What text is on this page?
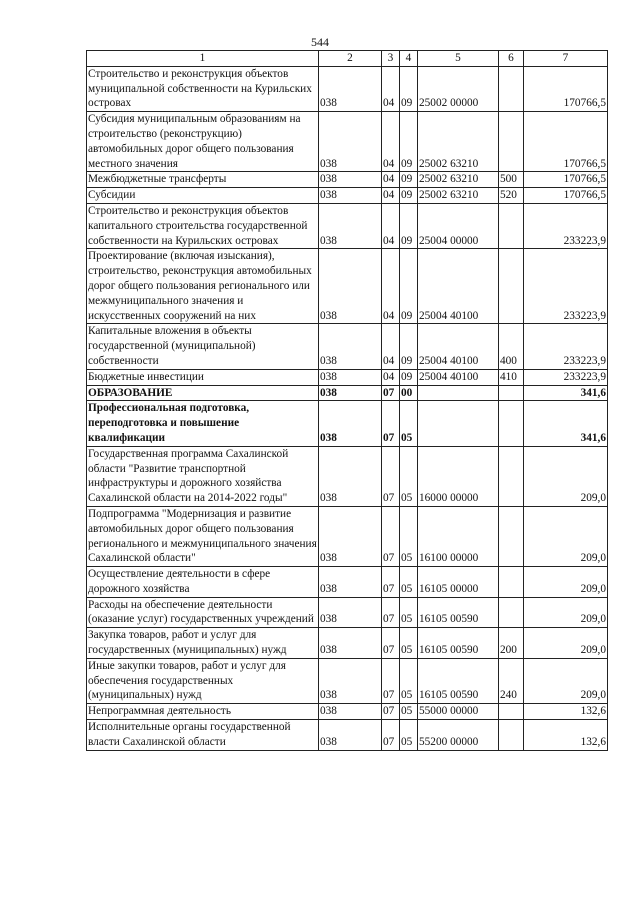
544
1	2	3	4	5	6	7
Строительство и реконструкция объектов муниципальной собственности на Курильских островах	038	04	09	25002 00000		170766,5
Субсидия муниципальным образованиям на строительство (реконструкцию) автомобильных дорог общего пользования местного значения	038	04	09	25002 63210		170766,5
Межбюджетные трансферты	038	04	09	25002 63210	500	170766,5
Субсидии	038	04	09	25002 63210	520	170766,5
Строительство и реконструкция объектов капитального строительства государственной собственности на Курильских островах	038	04	09	25004 00000		233223,9
Проектирование (включая изыскания), строительство, реконструкция автомобильных дорог общего пользования регионального или межмуниципального значения и искусственных сооружений на них	038	04	09	25004 40100		233223,9
Капитальные вложения в объекты государственной (муниципальной) собственности	038	04	09	25004 40100	400	233223,9
Бюджетные инвестиции	038	04	09	25004 40100	410	233223,9
ОБРАЗОВАНИЕ	038	07	00			341,6
Профессиональная подготовка, переподготовка и повышение квалификации	038	07	05			341,6
Государственная программа Сахалинской области "Развитие транспортной инфраструктуры и дорожного хозяйства Сахалинской области на 2014-2022 годы"	038	07	05	16000 00000		209,0
Подпрограмма "Модернизация и развитие автомобильных дорог общего пользования регионального и межмуниципального значения Сахалинской области"	038	07	05	16100 00000		209,0
Осуществление деятельности в сфере дорожного хозяйства	038	07	05	16105 00000		209,0
Расходы на обеспечение деятельности (оказание услуг) государственных учреждений	038	07	05	16105 00590		209,0
Закупка товаров, работ и услуг для государственных (муниципальных) нужд	038	07	05	16105 00590	200	209,0
Иные закупки товаров, работ и услуг для обеспечения государственных (муниципальных) нужд	038	07	05	16105 00590	240	209,0
Непрограммная деятельность	038	07	05	55000 00000		132,6
Исполнительные органы государственной власти Сахалинской области	038	07	05	55200 00000		132,6
